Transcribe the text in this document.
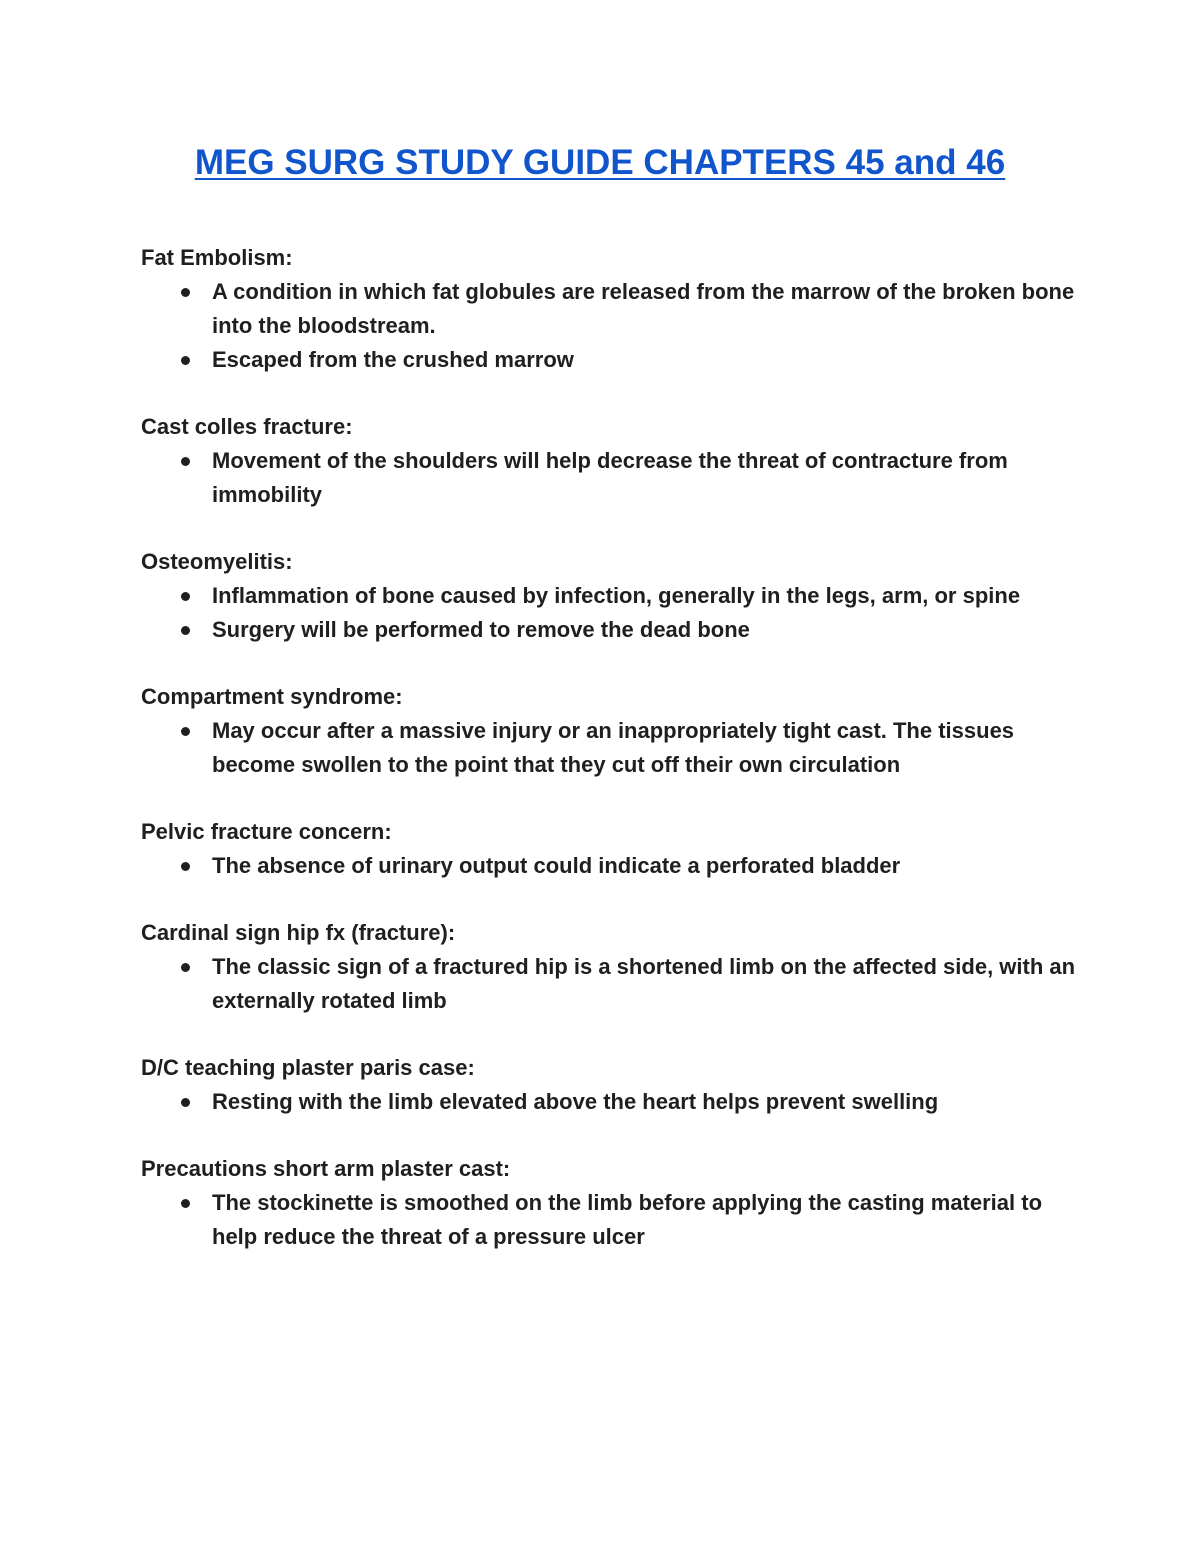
MEG SURG STUDY GUIDE CHAPTERS 45 and 46

Fat Embolism:

A condition in which fat globules are released from the marrow of the broken bone into the bloodstream.
Escaped from the crushed marrow

Cast colles fracture:

Movement of the shoulders will help decrease the threat of contracture from immobility

Osteomyelitis:

Inflammation of bone caused by infection, generally in the legs, arm, or spine
Surgery will be performed to remove the dead bone

Compartment syndrome:

May occur after a massive injury or an inappropriately tight cast. The tissues become swollen to the point that they cut off their own circulation

Pelvic fracture concern:

The absence of urinary output could indicate a perforated bladder

Cardinal sign hip fx (fracture):

The classic sign of a fractured hip is a shortened limb on the affected side, with an externally rotated limb

D/C teaching plaster paris case:

Resting with the limb elevated above the heart helps prevent swelling

Precautions short arm plaster cast:

The stockinette is smoothed on the limb before applying the casting material to help reduce the threat of a pressure ulcer
